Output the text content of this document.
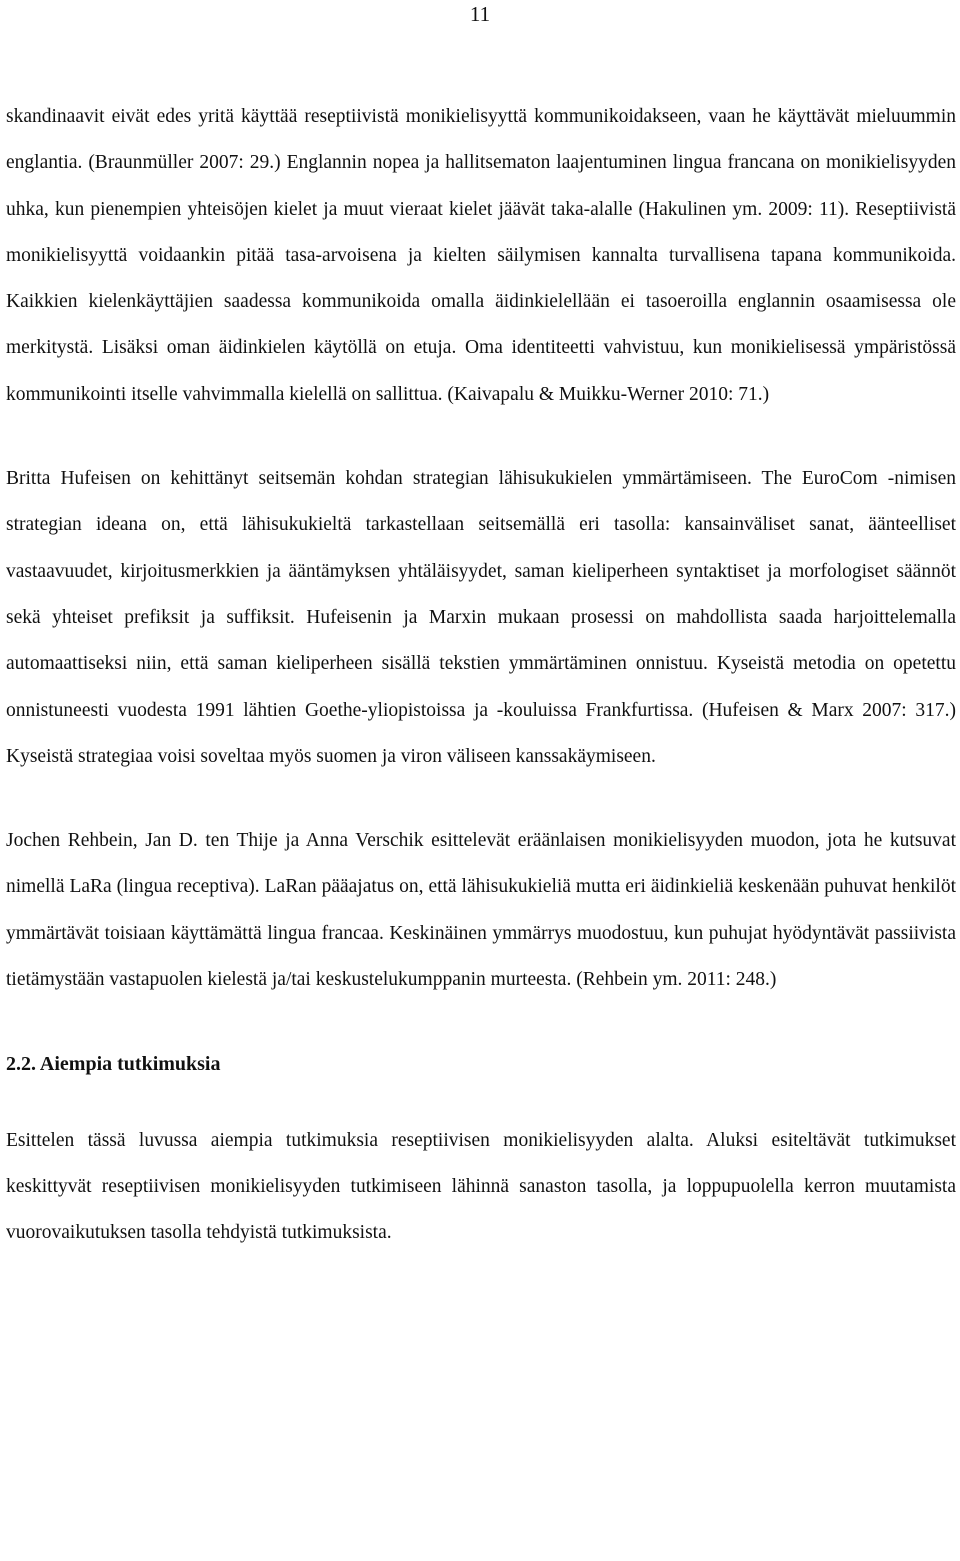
11

skandinaavit eivät edes yritä käyttää reseptiivistä monikielisyyttä kommunikoidakseen, vaan he käyttävät mieluummin englantia. (Braunmüller 2007: 29.) Englannin nopea ja hallitsematon laajentuminen lingua francana on monikielisyyden uhka, kun pienempien yhteisöjen kielet ja muut vieraat kielet jäävät taka-alalle (Hakulinen ym. 2009: 11). Reseptiivistä monikielisyyttä voidaankin pitää tasa-arvoisena ja kielten säilymisen kannalta turvallisena tapana kommunikoida. Kaikkien kielenkäyttäjien saadessa kommunikoida omalla äidinkielellään ei tasoeroilla englannin osaamisessa ole merkitystä. Lisäksi oman äidinkielen käytöllä on etuja. Oma identiteetti vahvistuu, kun monikielisessä ympäristössä kommunikointi itselle vahvimmalla kielellä on sallittua. (Kaivapalu & Muikku-Werner 2010: 71.)

Britta Hufeisen on kehittänyt seitsemän kohdan strategian lähisukukielen ymmärtämiseen. The EuroCom -nimisen strategian ideana on, että lähisukukieltä tarkastellaan seitsemällä eri tasolla: kansainväliset sanat, äänteelliset vastaavuudet, kirjoitusmerkkien ja ääntämyksen yhtäläisyydet, saman kieliperheen syntaktiset ja morfologiset säännöt sekä yhteiset prefiksit ja suffiksit. Hufeisenin ja Marxin mukaan prosessi on mahdollista saada harjoittelemalla automaattiseksi niin, että saman kieliperheen sisällä tekstien ymmärtäminen onnistuu. Kyseistä metodia on opetettu onnistuneesti vuodesta 1991 lähtien Goethe-yliopistoissa ja -kouluissa Frankfurtissa. (Hufeisen & Marx 2007: 317.) Kyseistä strategiaa voisi soveltaa myös suomen ja viron väliseen kanssakäymiseen.

Jochen Rehbein, Jan D. ten Thije ja Anna Verschik esittelevät eräänlaisen monikielisyyden muodon, jota he kutsuvat nimellä LaRa (lingua receptiva). LaRan pääajatus on, että lähisukukieliä mutta eri äidinkieliä keskenään puhuvat henkilöt ymmärtävät toisiaan käyttämättä lingua francaa. Keskinäinen ymmärrys muodostuu, kun puhujat hyödyntävät passiivista tietämystään vastapuolen kielestä ja/tai keskustelukumppanin murteesta. (Rehbein ym. 2011: 248.)

2.2. Aiempia tutkimuksia

Esittelen tässä luvussa aiempia tutkimuksia reseptiivisen monikielisyyden alalta. Aluksi esiteltävät tutkimukset keskittyvät reseptiivisen monikielisyyden tutkimiseen lähinnä sanaston tasolla, ja loppupuolella kerron muutamista vuorovaikutuksen tasolla tehdyistä tutkimuksista.
